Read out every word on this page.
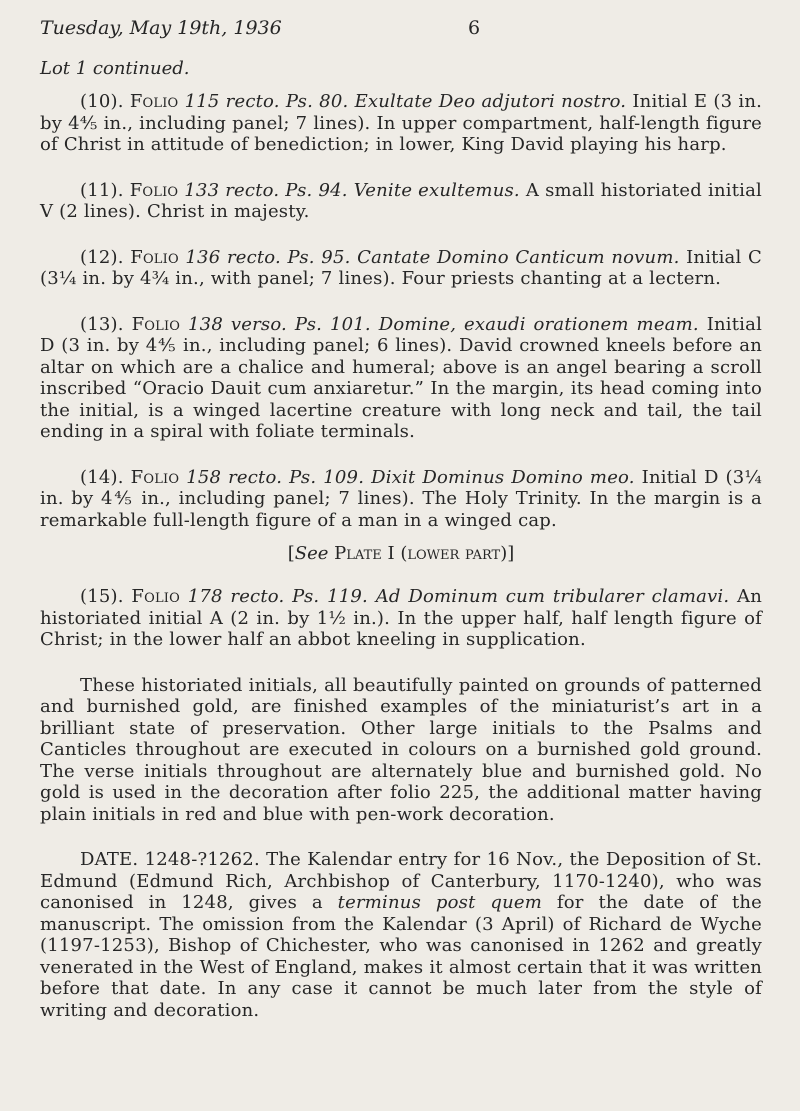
Tuesday, May 19th, 1936	6
Lot 1 continued.

(10). Folio 115 recto. Ps. 80. Exultate Deo adjutori nostro. Initial E (3 in. by 4⅘ in., including panel; 7 lines). In upper compartment, half-length figure of Christ in attitude of benediction; in lower, King David playing his harp.

(11). Folio 133 recto. Ps. 94. Venite exultemus. A small historiated initial V (2 lines). Christ in majesty.

(12). Folio 136 recto. Ps. 95. Cantate Domino Canticum novum. Initial C (3¼ in. by 4¾ in., with panel; 7 lines). Four priests chanting at a lectern.

(13). Folio 138 verso. Ps. 101. Domine, exaudi orationem meam. Initial D (3 in. by 4⅘ in., including panel; 6 lines). David crowned kneels before an altar on which are a chalice and humeral; above is an angel bearing a scroll inscribed “Oracio Dauit cum anxiaretur.” In the margin, its head coming into the initial, is a winged lacertine creature with long neck and tail, the tail ending in a spiral with foliate terminals.

(14). Folio 158 recto. Ps. 109. Dixit Dominus Domino meo. Initial D (3¼ in. by 4⅘ in., including panel; 7 lines). The Holy Trinity. In the margin is a remarkable full-length figure of a man in a winged cap.

[See Plate I (lower part)]

(15). Folio 178 recto. Ps. 119. Ad Dominum cum tribularer clamavi. An historiated initial A (2 in. by 1½ in.). In the upper half, half length figure of Christ; in the lower half an abbot kneeling in supplication.

These historiated initials, all beautifully painted on grounds of patterned and burnished gold, are finished examples of the miniaturist’s art in a brilliant state of preservation. Other large initials to the Psalms and Canticles throughout are executed in colours on a burnished gold ground. The verse initials throughout are alternately blue and burnished gold. No gold is used in the decoration after folio 225, the additional matter having plain initials in red and blue with pen-work decoration.

DATE. 1248-?1262. The Kalendar entry for 16 Nov., the Deposition of St. Edmund (Edmund Rich, Archbishop of Canterbury, 1170-1240), who was canonised in 1248, gives a terminus post quem for the date of the manuscript. The omission from the Kalendar (3 April) of Richard de Wyche (1197-1253), Bishop of Chichester, who was canonised in 1262 and greatly venerated in the West of England, makes it almost certain that it was written before that date. In any case it cannot be much later from the style of writing and decoration.
